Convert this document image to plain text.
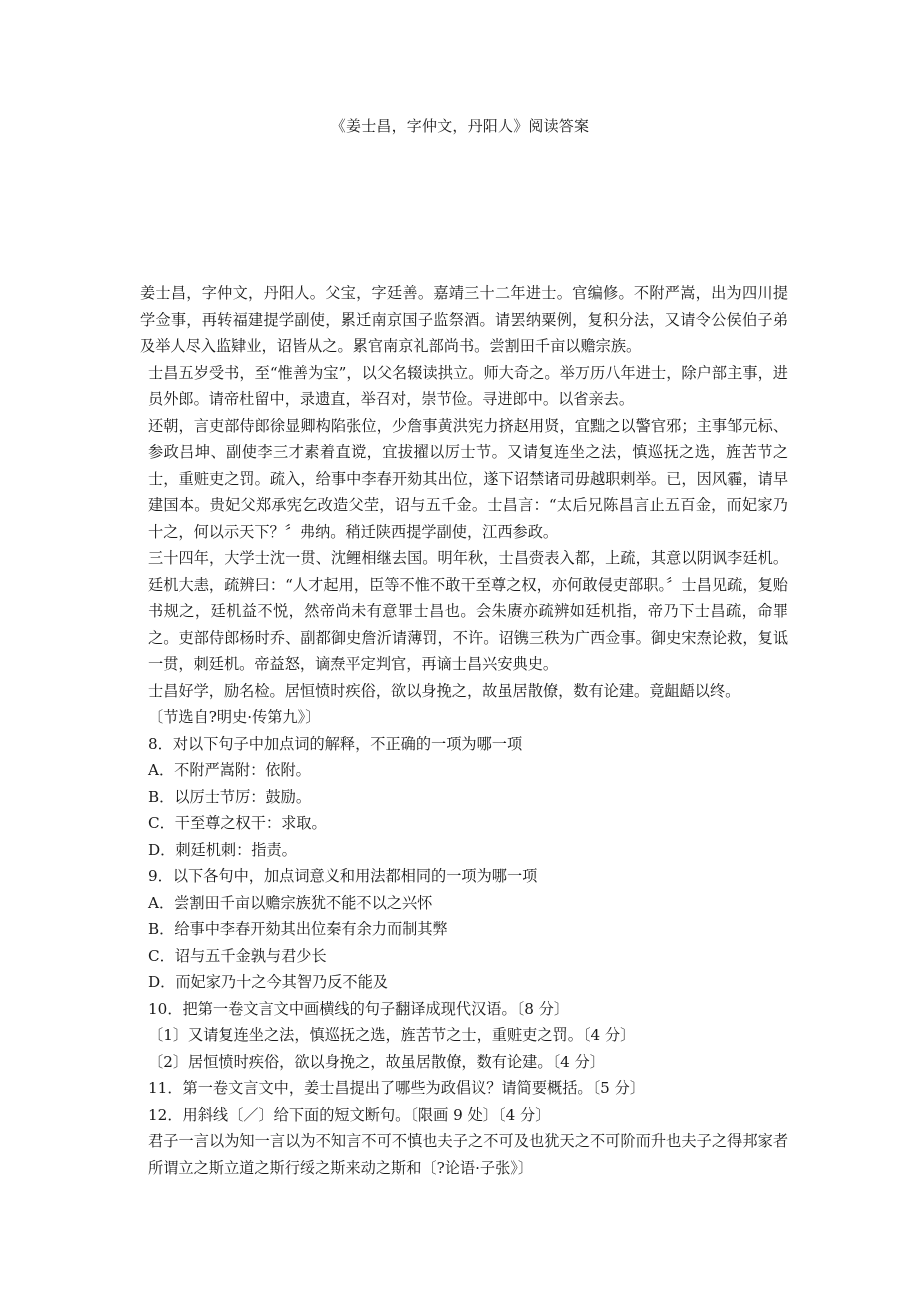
《姜士昌，字仲文，丹阳人》阅读答案

姜士昌，字仲文，丹阳人。父宝，字廷善。嘉靖三十二年进士。官编修。不附严嵩，出为四川提学佥事，再转福建提学副使，累迁南京国子监祭酒。请罢纳粟例，复积分法，又请令公侯伯子弟及举人尽入监肄业，诏皆从之。累官南京礼部尚书。尝割田千亩以赡宗族。

士昌五岁受书，至“惟善为宝”，以父名辍读拱立。师大奇之。举万历八年进士，除户部主事，进员外郎。请帝杜留中，录遗直，举召对，崇节俭。寻进郎中。以省亲去。

还朝，言吏部侍郎徐显卿构陷张位，少詹事黄洪宪力挤赵用贤，宜黜之以警官邪；主事邹元标、参政吕坤、副使李三才素着直谠，宜拔擢以厉士节。又请复连坐之法，慎巡抚之选，旌苦节之士，重赃吏之罚。疏入，给事中李春开劾其出位，遂下诏禁诸司毋越职剌举。已，因风霾，请早建国本。贵妃父郑承宪乞改造父茔，诏与五千金。士昌言：“太后兄陈昌言止五百金，而妃家乃十之，何以示天下？〞弗纳。稍迁陕西提学副使，江西参政。

三十四年，大学士沈一贯、沈鲤相继去国。明年秋，士昌赍表入都，上疏，其意以阴讽李廷机。廷机大恚，疏辨曰：“人才起用，臣等不惟不敢干至尊之权，亦何敢侵吏部职。〞士昌见疏，复贻书规之，廷机益不悦，然帝尚未有意罪士昌也。会朱赓亦疏辨如廷机指，帝乃下士昌疏，命罪之。吏部侍郎杨时乔、副都御史詹沂请薄罚，不许。诏镌三秩为广西佥事。御史宋焘论救，复诋一贯，刺廷机。帝益怒，谪焘平定判官，再谪士昌兴安典史。

士昌好学，励名检。居恒愤时疾俗，欲以身挽之，故虽居散僚，数有论建。竟龃龉以终。

〔节选自?明史·传第九》〕

8．对以下句子中加点词的解释，不正确的一项为哪一项

A．不附严嵩附：依附。

B．以厉士节厉：鼓励。

C．干至尊之权干：求取。

D．刺廷机刺：指责。

9．以下各句中，加点词意义和用法都相同的一项为哪一项

A．尝割田千亩以赡宗族犹不能不以之兴怀

B．给事中李春开劾其出位秦有余力而制其弊

C．诏与五千金孰与君少长

D．而妃家乃十之今其智乃反不能及

10．把第一卷文言文中画横线的句子翻译成现代汉语。〔8 分〕

〔1〕又请复连坐之法，慎巡抚之选，旌苦节之士，重赃吏之罚。〔4 分〕

〔2〕居恒愤时疾俗，欲以身挽之，故虽居散僚，数有论建。〔4 分〕

11．第一卷文言文中，姜士昌提出了哪些为政倡议？请简要概括。〔5 分〕

12．用斜线〔／〕给下面的短文断句。〔限画 9 处〕〔4 分〕

君子一言以为知一言以为不知言不可不慎也夫子之不可及也犹天之不可阶而升也夫子之得邦家者所谓立之斯立道之斯行绥之斯来动之斯和〔?论语·子张》〕
